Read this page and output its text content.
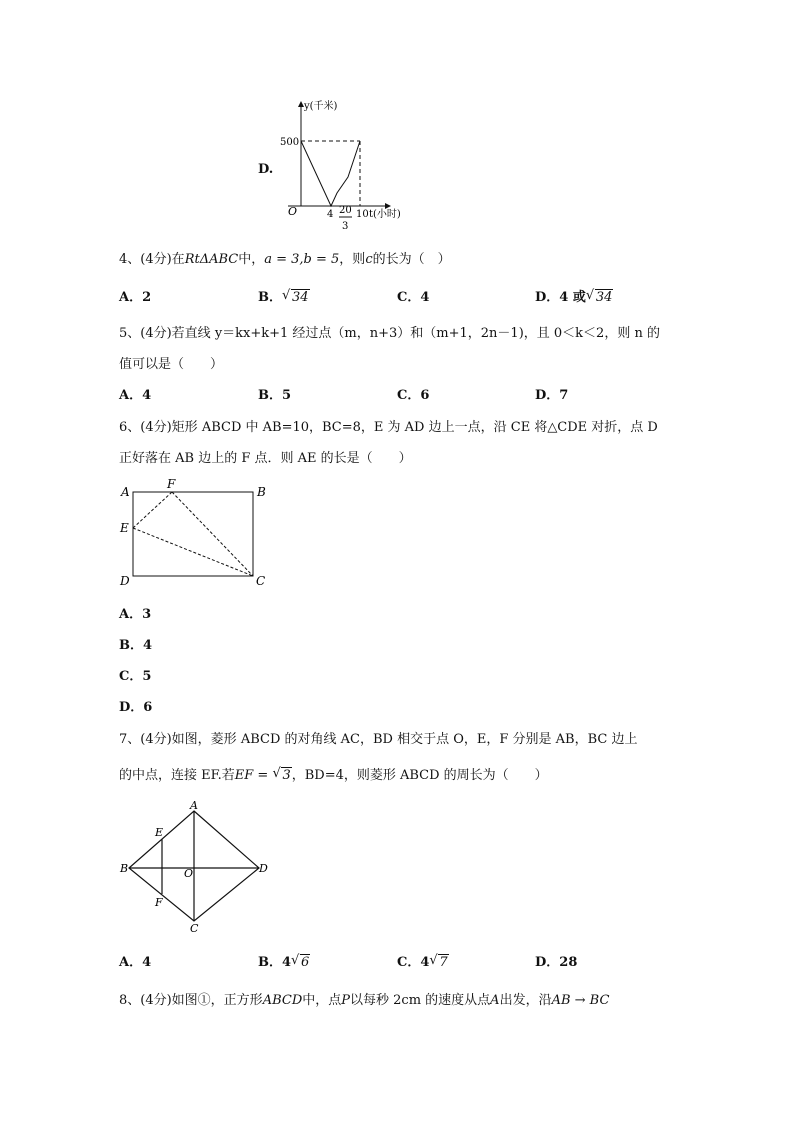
D.
y(千米)
500
O	4 20
3
10 t(小时)
4、(4分)在RtΔABC中，a = 3,b = 5，则c的长为（　）
A．2	B． √ 34	C．4	D．4 或 √ 34
5、(4分)若直线 y＝kx+k+1 经过点（m，n+3）和（m+1，2n－1)，且 0＜k＜2，则 n 的
值可以是（　　）
A．4	B．5	C．6	D．7
6、(4分)矩形 ABCD 中 AB=10，BC=8，E 为 AD 边上一点，沿 CE 将△CDE 对折，点 D
正好落在 AB 边上的 F 点．则 AE 的长是（　　）
A
F
B
E
D	C
A．3
B．4
C．5
D．6
7、(4分)如图，菱形 ABCD 的对角线 AC，BD 相交于点 O，E，F 分别是 AB，BC 边上
的中点，连接 EF.若EF = √ 3，BD=4，则菱形 ABCD 的周长为（　　）
A
E
B	O	D
F
C
A．4	B．4 √ 6	C．4 √ 7	D．28
8、(4分)如图①，正方形ABCD中，点P以每秒 2cm 的速度从点A出发，沿AB → BC
